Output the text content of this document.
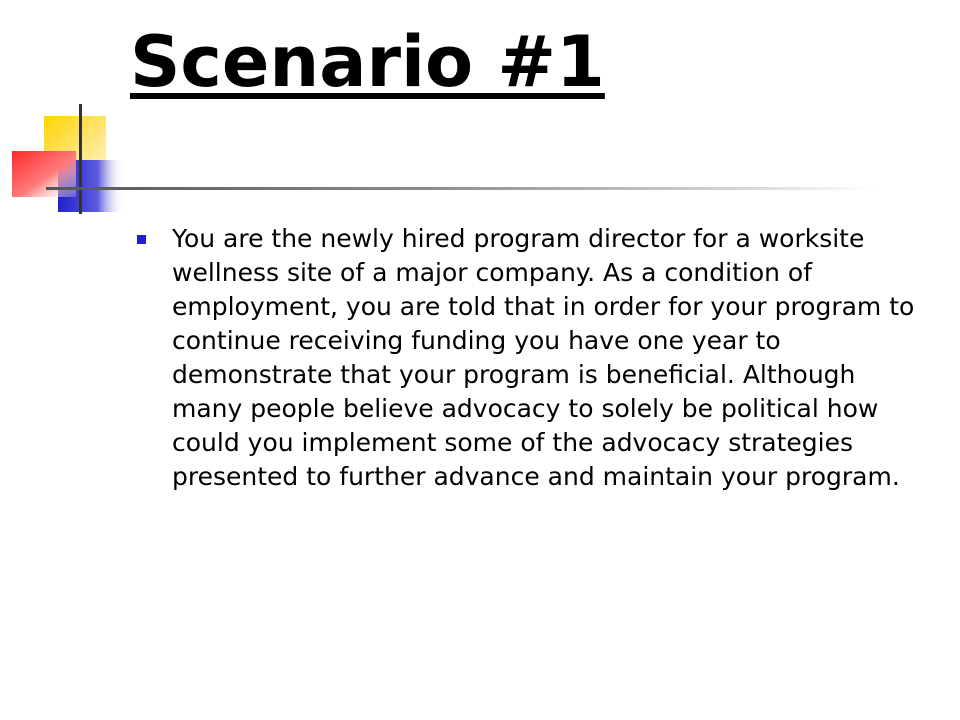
Scenario #1
You are the newly hired program director for a worksite wellness site of a major company. As a condition of employment, you are told that in order for your program to continue receiving funding you have one year to demonstrate that your program is beneficial. Although many people believe advocacy to solely be political how could you implement some of the advocacy strategies presented to further advance and maintain your program.
